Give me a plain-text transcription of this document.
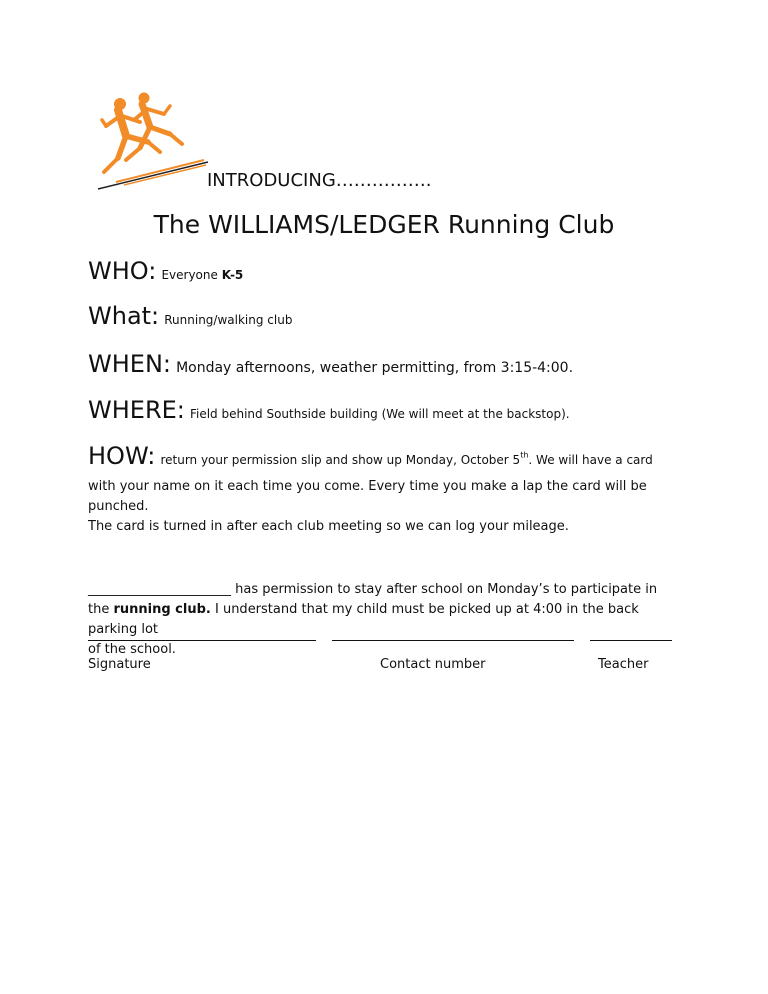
INTRODUCING…………….
The WILLIAMS/LEDGER Running Club
WHO: Everyone K-5
What: Running/walking club
WHEN: Monday afternoons, weather permitting, from 3:15-4:00.
WHERE: Field behind Southside building (We will meet at the backstop).
HOW: return your permission slip and show up Monday, October 5th. We will have a card
with your name on it each time you come. Every time you make a lap the card will be punched.
The card is turned in after each club meeting so we can log your mileage.
______________________ has permission to stay after school on Monday’s to participate in
the running club. I understand that my child must be picked up at 4:00 in the back parking lot
of the school.
Signature	Contact number	Teacher
